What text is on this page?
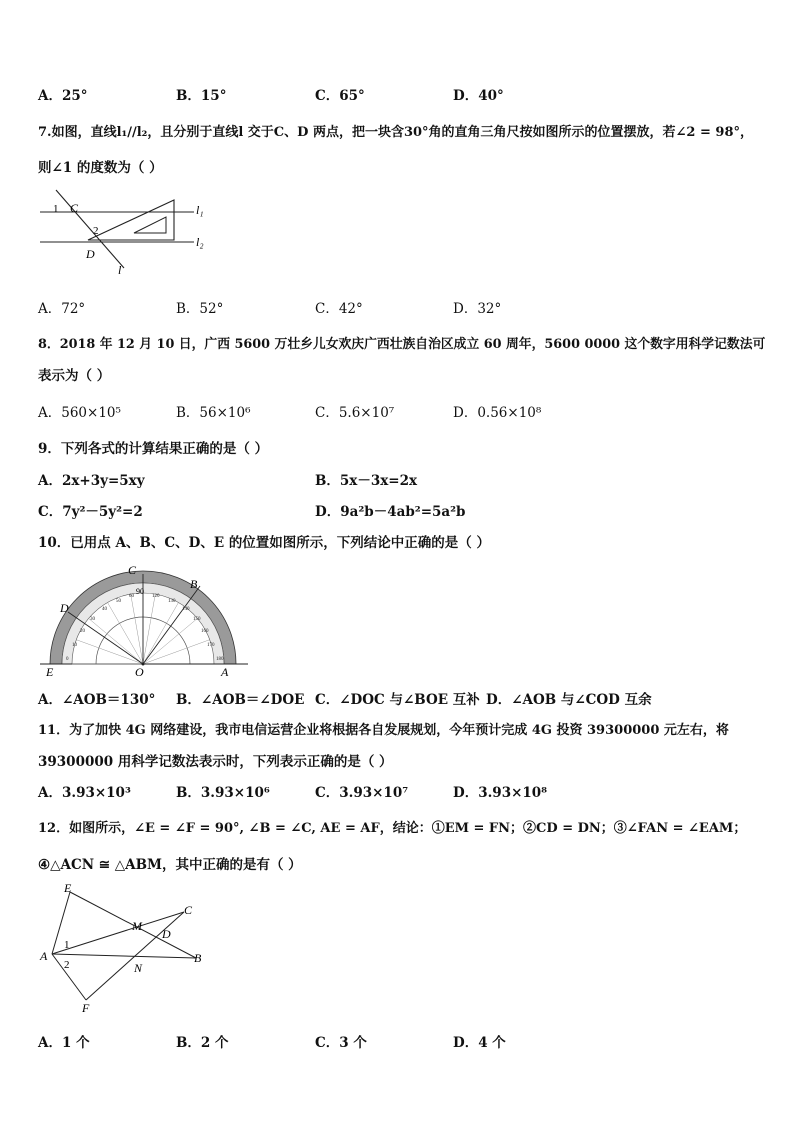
A．25°	B．15°	C．65°	D．40°
7.如图，直线l₁//l₂，且分别于直线l 交于C、D 两点，把一块含30°角的直角三角尺按如图所示的位置摆放，若∠2 = 98°，
则∠1 的度数为（ ）
1 C
2
D
l
l₁
l₂
A．72°	B．52°	C．42°	D．32°
8．2018 年 12 月 10 日，广西 5600 万壮乡儿女欢庆广西壮族自治区成立 60 周年，5600 0000 这个数字用科学记数法可
表示为（ ）
A．560×10⁵	B．56×10⁶	C．5.6×10⁷	D．0.56×10⁸
9．下列各式的计算结果正确的是（ ）
A．2x+3y=5xy	B．5x－3x=2x
C．7y²－5y²=2	D．9a²b－4ab²=5a²b
10．已用点 A、B、C、D、E 的位置如图所示，下列结论中正确的是（ ）
0	180
10
20
30
40
50
60	120
130
140
150
160
170
90
C
B
D
E	O	A
A．∠AOB＝130° B．∠AOB＝∠DOE C．∠DOC 与∠BOE 互补 D．∠AOB 与∠COD 互余
11．为了加快 4G 网络建设，我市电信运营企业将根据各自发展规划，今年预计完成 4G 投资 39300000 元左右，将
39300000 用科学记数法表示时，下列表示正确的是（ ）
A．3.93×10³	B．3.93×10⁶	C．3.93×10⁷	D．3.93×10⁸
12．如图所示，∠E = ∠F = 90°, ∠B = ∠C, AE = AF，结论：①EM = FN；②CD = DN；③∠FAN = ∠EAM；
④△ACN ≅ △ABM，其中正确的是有（ ）
E
M
C
D
A
1
2	N
B
F
A．1 个	B．2 个	C．3 个	D．4 个
